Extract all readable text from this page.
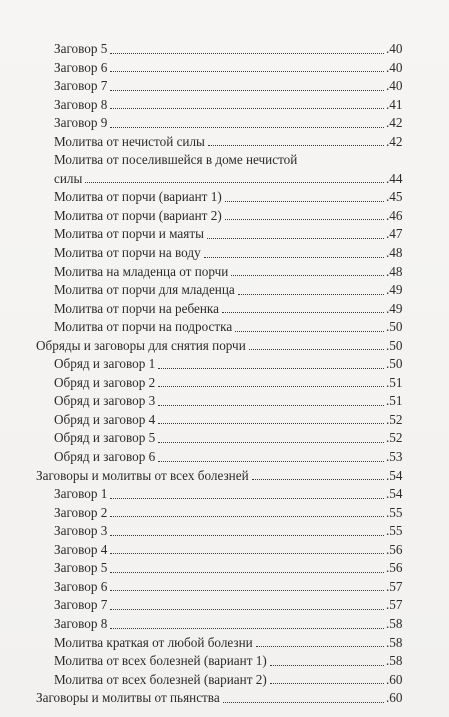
Заговор 5	.40
Заговор 6	.40
Заговор 7	.40
Заговор 8	.41
Заговор 9	.42
Молитва от нечистой силы	.42
Молитва от поселившейся в доме нечистой
силы	.44
Молитва от порчи (вариант 1)	.45
Молитва от порчи (вариант 2)	.46
Молитва от порчи и маяты	.47
Молитва от порчи на воду	.48
Молитва на младенца от порчи	.48
Молитва от порчи для младенца	.49
Молитва от порчи на ребенка	.49
Молитва от порчи на подростка	.50
Обряды и заговоры для снятия порчи	.50
Обряд и заговор 1	.50
Обряд и заговор 2	.51
Обряд и заговор 3	.51
Обряд и заговор 4	.52
Обряд и заговор 5	.52
Обряд и заговор 6	.53
Заговоры и молитвы от всех болезней	.54
Заговор 1	.54
Заговор 2	.55
Заговор 3	.55
Заговор 4	.56
Заговор 5	.56
Заговор 6	.57
Заговор 7	.57
Заговор 8	.58
Молитва краткая от любой болезни	.58
Молитва от всех болезней (вариант 1)	.58
Молитва от всех болезней (вариант 2)	.60
Заговоры и молитвы от пьянства	.60
